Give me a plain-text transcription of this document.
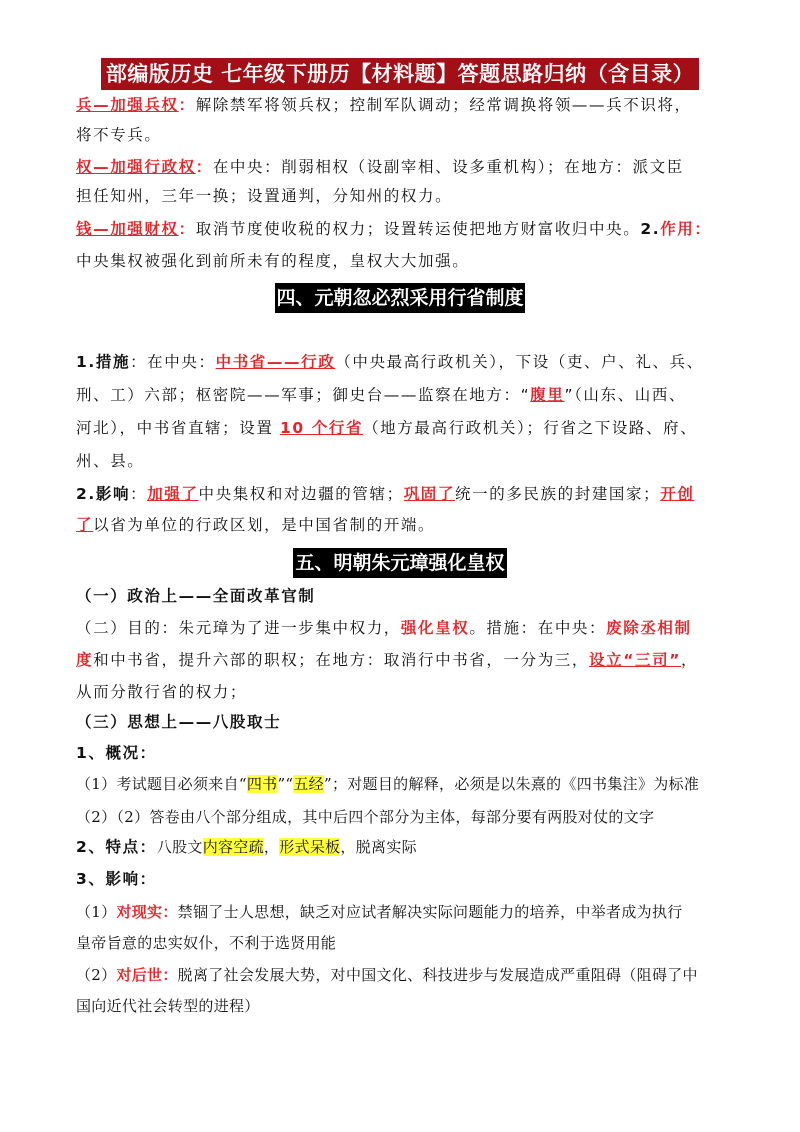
部编版历史 七年级下册历【材料题】答题思路归纳（含目录）
兵—加强兵权：解除禁军将领兵权；控制军队调动；经常调换将领——兵不识将，
将不专兵。
权—加强行政权：在中央：削弱相权（设副宰相、设多重机构）；在地方：派文臣
担任知州，三年一换；设置通判，分知州的权力。
钱—加强财权：取消节度使收税的权力；设置转运使把地方财富收归中央。2.作用：
中央集权被强化到前所未有的程度，皇权大大加强。
四、元朝忽必烈采用行省制度
1.措施：在中央：中书省——行政（中央最高行政机关），下设（吏、户、礼、兵、
刑、工）六部；枢密院——军事；御史台——监察在地方：“腹里”（山东、山西、
河北），中书省直辖；设置 10 个行省（地方最高行政机关）；行省之下设路、府、
州、县。
2.影响：加强了中央集权和对边疆的管辖；巩固了统一的多民族的封建国家；开创
了以省为单位的行政区划，是中国省制的开端。
五、明朝朱元璋强化皇权
（一）政治上——全面改革官制
（二）目的：朱元璋为了进一步集中权力，强化皇权。措施：在中央：废除丞相制
度和中书省，提升六部的职权；在地方：取消行中书省，一分为三，设立“三司”，
从而分散行省的权力；
（三）思想上——八股取士
1、概况：
（1）考试题目必须来自“四书”“五经”；对题目的解释，必须是以朱熹的《四书集注》为标准
（2）（2）答卷由八个部分组成，其中后四个部分为主体，每部分要有两股对仗的文字
2、特点：八股文内容空疏，形式呆板，脱离实际
3、影响：
（1）对现实：禁锢了士人思想，缺乏对应试者解决实际问题能力的培养，中举者成为执行
皇帝旨意的忠实奴仆，不利于选贤用能
（2）对后世：脱离了社会发展大势，对中国文化、科技进步与发展造成严重阻碍（阻碍了中
国向近代社会转型的进程）
